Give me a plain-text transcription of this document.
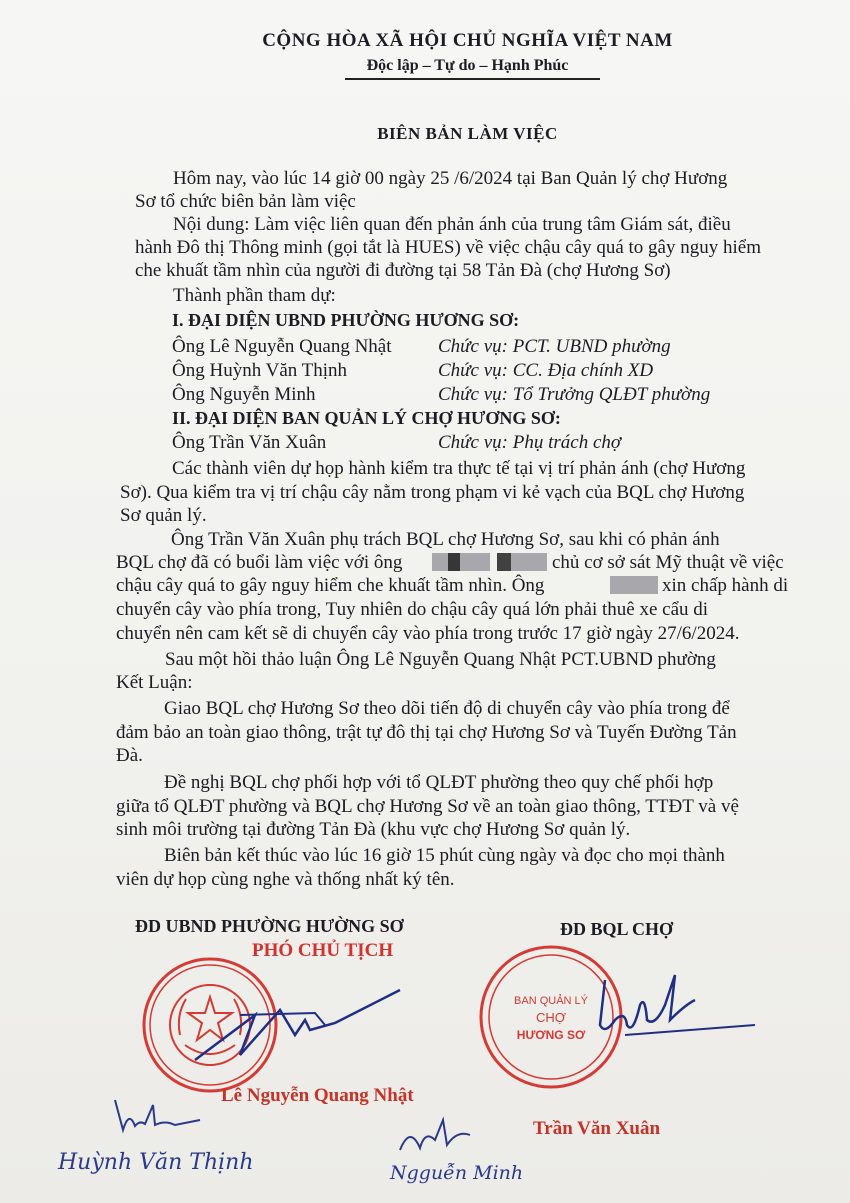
CỘNG HÒA XÃ HỘI CHỦ NGHĨA VIỆT NAM
Độc lập – Tự do – Hạnh Phúc
BIÊN BẢN LÀM VIỆC
Hôm nay, vào lúc 14 giờ 00 ngày 25 /6/2024 tại Ban Quản lý chợ Hương
Sơ tổ chức biên bản làm việc
Nội dung: Làm việc liên quan đến phản ánh của trung tâm Giám sát, điều
hành Đô thị Thông minh (gọi tắt là HUES) về việc chậu cây quá to gây nguy hiểm
che khuất tầm nhìn của người đi đường tại 58 Tản Đà (chợ Hương Sơ)
Thành phần tham dự:
I. ĐẠI DIỆN UBND PHƯỜNG HƯƠNG SƠ:
Ông Lê Nguyễn Quang Nhật Chức vụ: PCT. UBND phường
Ông Huỳnh Văn Thịnh	Chức vụ: CC. Địa chính XD
Ông Nguyễn Minh	Chức vụ: Tổ Trưởng QLĐT phường
II. ĐẠI DIỆN BAN QUẢN LÝ CHỢ HƯƠNG SƠ:
Ông Trần Văn Xuân	Chức vụ: Phụ trách chợ
Các thành viên dự họp hành kiểm tra thực tế tại vị trí phản ánh (chợ Hương
Sơ). Qua kiểm tra vị trí chậu cây nằm trong phạm vi kẻ vạch của BQL chợ Hương
Sơ quản lý.
Ông Trần Văn Xuân phụ trách BQL chợ Hương Sơ, sau khi có phản ánh
BQL chợ đã có buổi làm việc với ông	chủ cơ sở sát Mỹ thuật về việc
chậu cây quá to gây nguy hiểm che khuất tầm nhìn. Ông	xin chấp hành di
chuyển cây vào phía trong, Tuy nhiên do chậu cây quá lớn phải thuê xe cẩu di
chuyển nên cam kết sẽ di chuyển cây vào phía trong trước 17 giờ ngày 27/6/2024.
Sau một hồi thảo luận Ông Lê Nguyễn Quang Nhật PCT.UBND phường
Kết Luận:
Giao BQL chợ Hương Sơ theo dõi tiến độ di chuyển cây vào phía trong để
đảm bảo an toàn giao thông, trật tự đô thị tại chợ Hương Sơ và Tuyến Đường Tản
Đà.
Đề nghị BQL chợ phối hợp với tổ QLĐT phường theo quy chế phối hợp
giữa tổ QLĐT phường và BQL chợ Hương Sơ về an toàn giao thông, TTĐT và vệ
sinh môi trường tại đường Tản Đà (khu vực chợ Hương Sơ quản lý.
Biên bản kết thúc vào lúc 16 giờ 15 phút cùng ngày và đọc cho mọi thành
viên dự họp cùng nghe và thống nhất ký tên.
ĐD UBND PHƯỜNG HƯỜNG SƠ
PHÓ CHỦ TỊCH
ĐD BQL CHỢ
Lê Nguyễn Quang Nhật
BAN QUẢN LÝ
CHỢ
HƯƠNG SƠ
Trần Văn Xuân
Huỳnh Văn Thịnh	Ngguễn Minh
